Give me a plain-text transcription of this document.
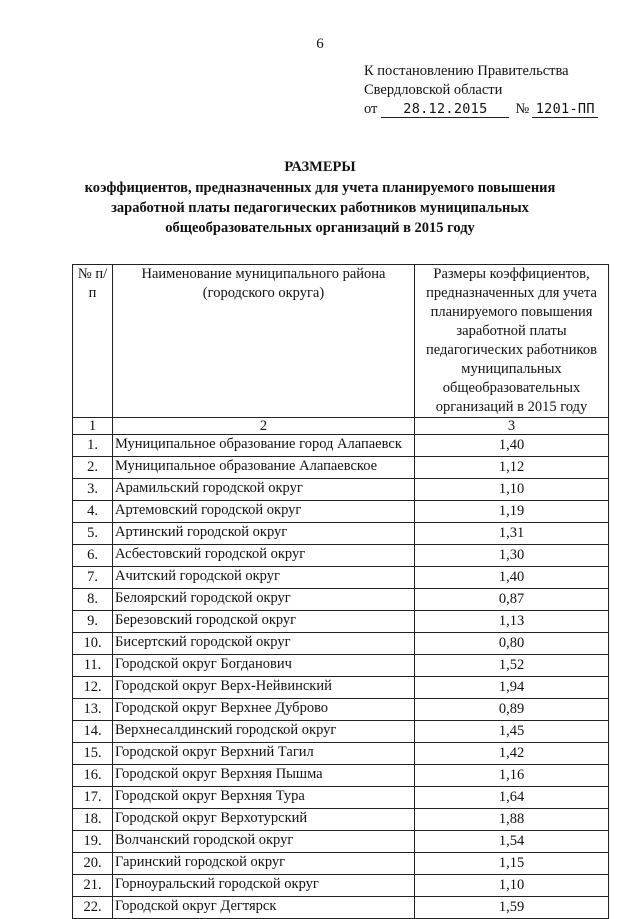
6
К постановлению Правительства
Свердловской области
от	28.12.2015	№ 1201-ПП
РАЗМЕРЫ
коэффициентов, предназначенных для учета планируемого повышения
заработной платы педагогических работников муниципальных
общеобразовательных организаций в 2015 году
№ п/п	Наименование муниципального района (городского округа)	Размеры коэффициентов, предназначенных для учета планируемого повышения заработной платы педагогических работников муниципальных общеобразовательных организаций в 2015 году
1	2	3
1.	Муниципальное образование город Алапаевск	1,40
2.	Муниципальное образование Алапаевское	1,12
3.	Арамильский городской округ	1,10
4.	Артемовский городской округ	1,19
5.	Артинский городской округ	1,31
6.	Асбестовский городской округ	1,30
7.	Ачитский городской округ	1,40
8.	Белоярский городской округ	0,87
9.	Березовский городской округ	1,13
10.	Бисертский городской округ	0,80
11.	Городской округ Богданович	1,52
12.	Городской округ Верх-Нейвинский	1,94
13.	Городской округ Верхнее Дуброво	0,89
14.	Верхнесалдинский городской округ	1,45
15.	Городской округ Верхний Тагил	1,42
16.	Городской округ Верхняя Пышма	1,16
17.	Городской округ Верхняя Тура	1,64
18.	Городской округ Верхотурский	1,88
19.	Волчанский городской округ	1,54
20.	Гаринский городской округ	1,15
21.	Горноуральский городской округ	1,10
22.	Городской округ Дегтярск	1,59
